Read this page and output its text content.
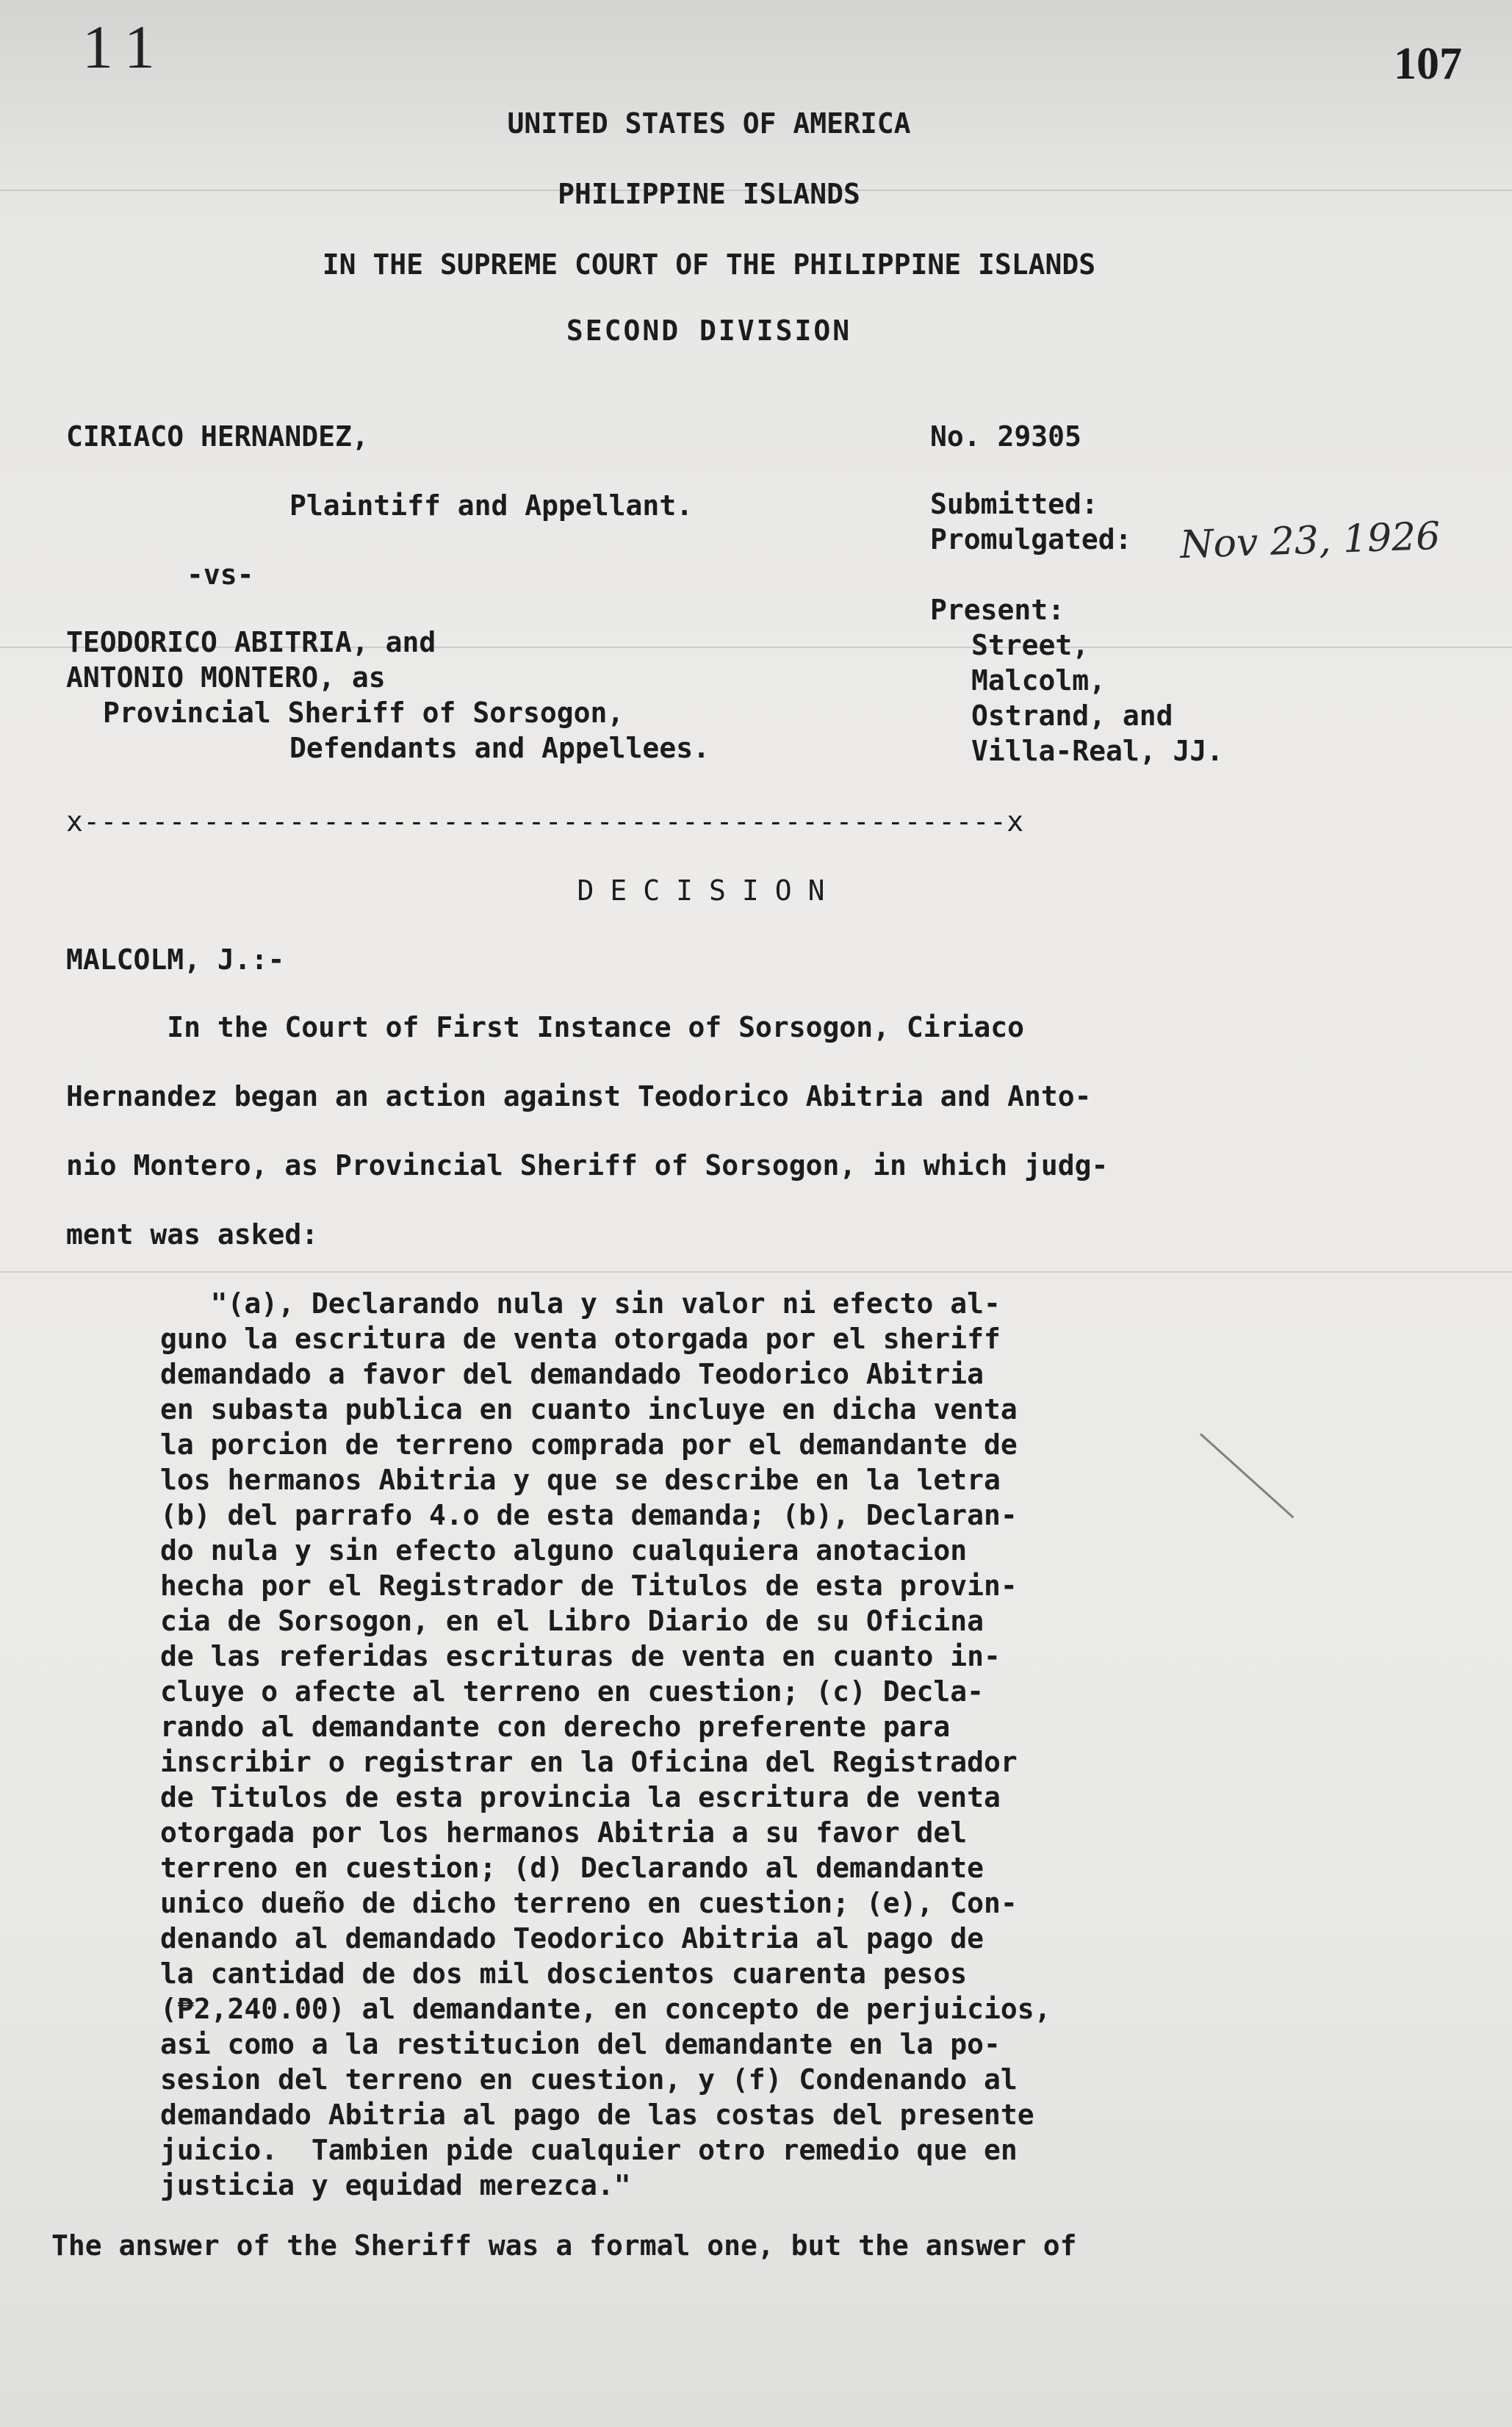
11	107
UNITED STATES OF AMERICA
PHILIPPINE ISLANDS
IN THE SUPREME COURT OF THE PHILIPPINE ISLANDS
SECOND DIVISION
CIRIACO HERNANDEZ,
Plaintiff and Appellant.
-vs-
TEODORICO ABITRIA, and
ANTONIO MONTERO, as
Provincial Sheriff of Sorsogon,
Defendants and Appellees.
No. 29305
Submitted:
Promulgated: Nov 23, 1926
Present:
Street,
Malcolm,
Ostrand, and
Villa-Real, JJ.
x------------------------------------------------------x
DECISION
MALCOLM, J.:-
In the Court of First Instance of Sorsogon, Ciriaco
Hernandez began an action against Teodorico Abitria and Anto-
nio Montero, as Provincial Sheriff of Sorsogon, in which judg-
ment was asked:
"(a), Declarando nula y sin valor ni efecto al-
guno la escritura de venta otorgada por el sheriff
demandado a favor del demandado Teodorico Abitria
en subasta publica en cuanto incluye en dicha venta
la porcion de terreno comprada por el demandante de
los hermanos Abitria y que se describe en la letra
(b) del parrafo 4.o de esta demanda; (b), Declaran-
do nula y sin efecto alguno cualquiera anotacion
hecha por el Registrador de Titulos de esta provin-
cia de Sorsogon, en el Libro Diario de su Oficina
de las referidas escrituras de venta en cuanto in-
cluye o afecte al terreno en cuestion; (c) Decla-
rando al demandante con derecho preferente para
inscribir o registrar en la Oficina del Registrador
de Titulos de esta provincia la escritura de venta
otorgada por los hermanos Abitria a su favor del
terreno en cuestion; (d) Declarando al demandante
unico dueño de dicho terreno en cuestion; (e), Con-
denando al demandado Teodorico Abitria al pago de
la cantidad de dos mil doscientos cuarenta pesos
(₱2,240.00) al demandante, en concepto de perjuicios,
asi como a la restitucion del demandante en la po-
sesion del terreno en cuestion, y (f) Condenando al
demandado Abitria al pago de las costas del presente
juicio.  Tambien pide cualquier otro remedio que en
justicia y equidad merezca."
The answer of the Sheriff was a formal one, but the answer of
